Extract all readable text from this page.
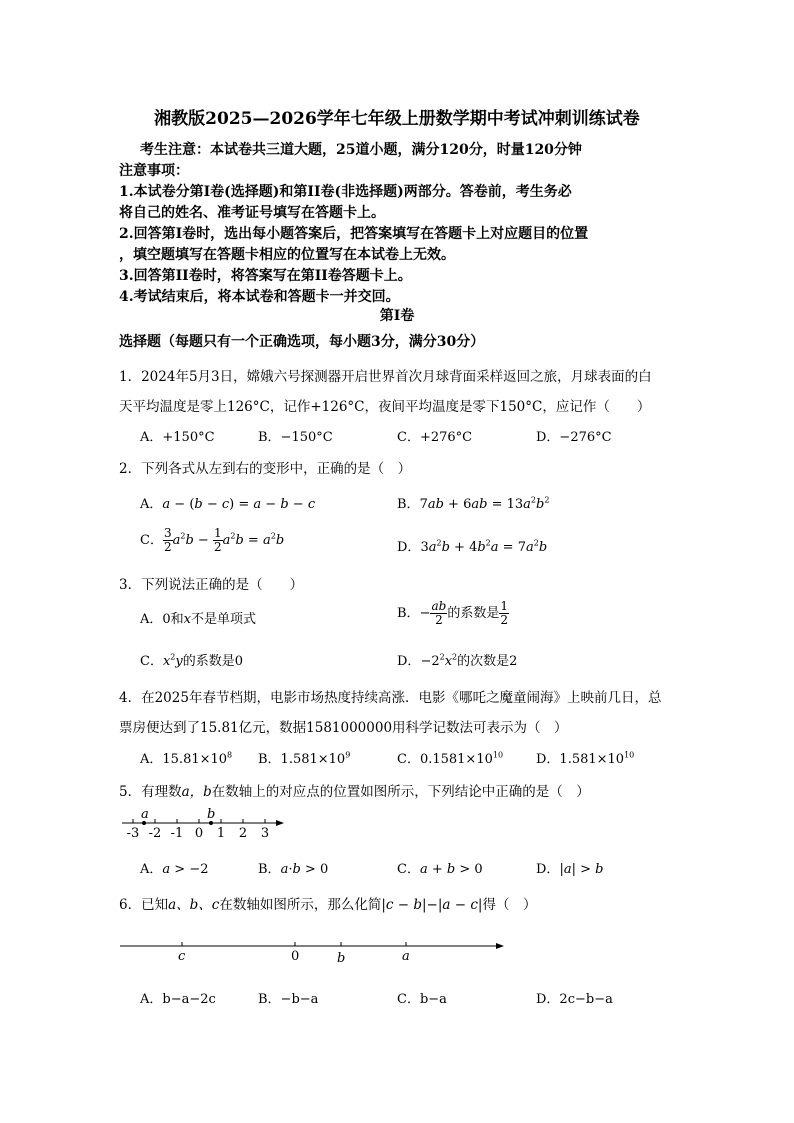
湘教版2025—2026学年七年级上册数学期中考试冲刺训练试卷
考生注意：本试卷共三道大题，25道小题，满分120分，时量120分钟
注意事项：
1.本试卷分第Ⅰ卷(选择题)和第II卷(非选择题)两部分。答卷前，考生务必
将自己的姓名、准考证号填写在答题卡上。
2.回答第Ⅰ卷时，选出每小题答案后，把答案填写在答题卡上对应题目的位置
，填空题填写在答题卡相应的位置写在本试卷上无效。
3.回答第II卷时，将答案写在第II卷答题卡上。
4.考试结束后，将本试卷和答题卡一并交回。
第Ⅰ卷
选择题（每题只有一个正确选项，每小题3分，满分30分）
1．2024年5月3日，嫦娥六号探测器开启世界首次月球背面采样返回之旅，月球表面的白
天平均温度是零上126°C，记作+126°C，夜间平均温度是零下150°C，应记作（　　）
A．+150°C	B．−150°C	C．+276°C	D．−276°C
2．下列各式从左到右的变形中，正确的是（　）
A．a − (b − c) = a − b − c	B．$7ab + 6ab = 13a^2b^2$
C． $\frac{3}{2} a^2b - \frac{1}{2} a^2b = a^2b$	D．$3a^2b + 4b^2a = 7a^2b$
3．下列说法正确的是（　　）
A．0和x不是单项式	B．− $\frac{ab}{2}$ 的系数是 $\frac{1}{2}$
C．$x^2y$的系数是0	D．$-2^2x^2$的次数是2
4．在2025年春节档期，电影市场热度持续高涨．电影《哪吒之魔童闹海》上映前几日，总
票房便达到了15.81亿元，数据1581000000用科学记数法可表示为（　）
A．$15.81\times 10^8$ B．$1.581\times 10^9$	C．$0.1581\times 10^{10}$	D．$1.581\times 10^{10}$
5．有理数a，b在数轴上的对应点的位置如图所示，下列结论中正确的是（　）
-3 -2 -1 0 1 2 3
a	b
c	0	b	a
A．a > −2	B．a·b > 0	C．a + b > 0	D．|a| > b
6．已知a、b、c在数轴如图所示，那么化简|c − b|−|a − c|得（　）
A．b−a−2c	B．−b−a	C．b−a	D．2c−b−a
